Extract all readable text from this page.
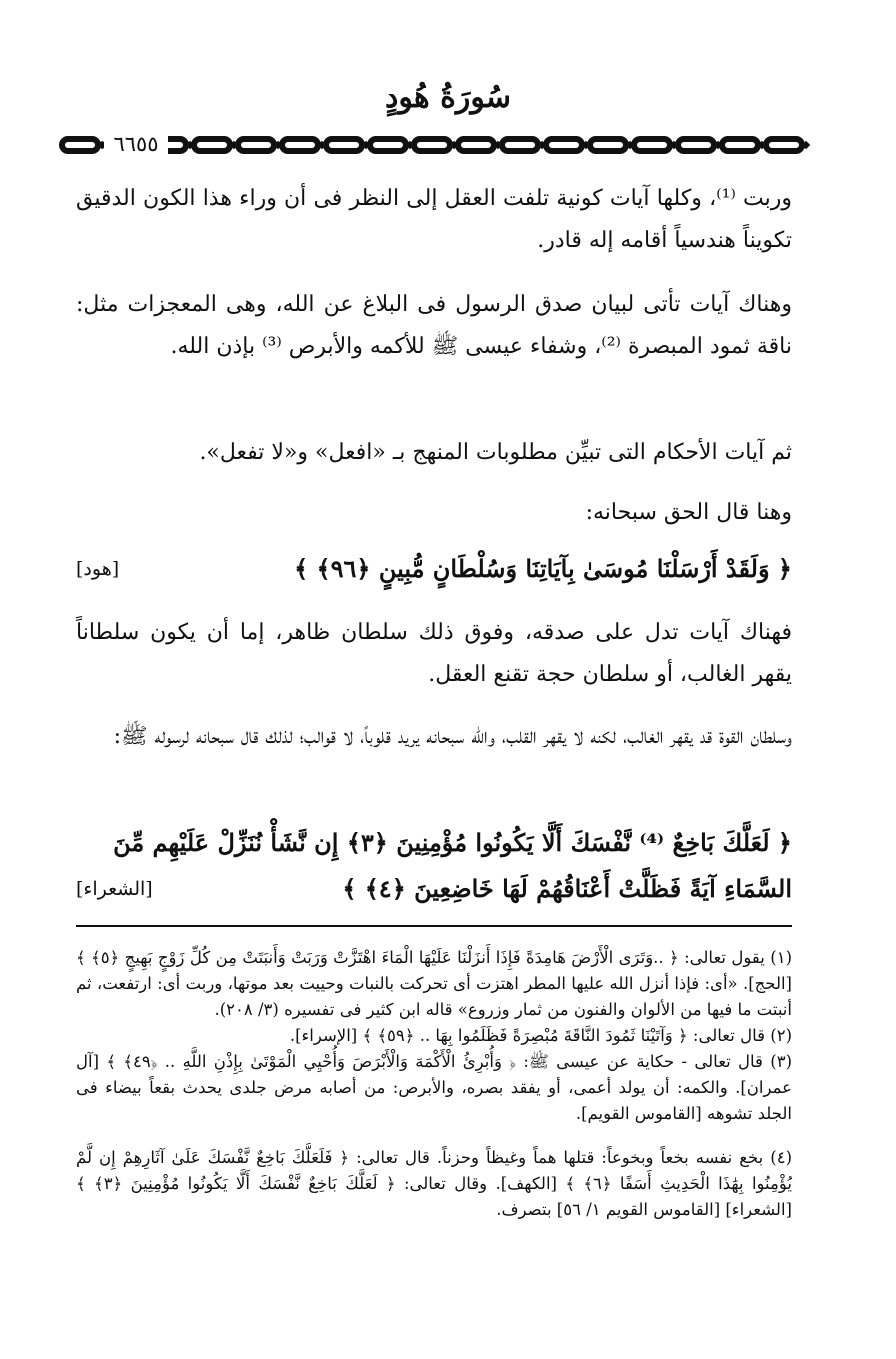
سُورَةُ هُودٍ
٦٦٥٥
وربت ⁽¹⁾، وكلها آيات كونية تلفت العقل إلى النظر فى أن وراء هذا الكون الدقيق تكويناً هندسياً أقامه إله قادر.
وهناك آيات تأتى لبيان صدق الرسول فى البلاغ عن الله، وهى المعجزات مثل: ناقة ثمود المبصرة ⁽²⁾، وشفاء عيسى ﷺ للأكمه والأبرص ⁽³⁾ بإذن الله.
ثم آيات الأحكام التى تبيِّن مطلوبات المنهج بـ «افعل» و«لا تفعل».
وهنا قال الحق سبحانه:
﴿ وَلَقَدْ أَرْسَلْنَا مُوسَىٰ بِآيَاتِنَا وَسُلْطَانٍ مُّبِينٍ ﴿٩٦﴾ ﴾
[هود]
فهناك آيات تدل على صدقه، وفوق ذلك سلطان ظاهر، إما أن يكون سلطاناً يقهر الغالب، أو سلطان حجة تقنع العقل.
وسلطان القوة قد يقهر الغالب، لكنه لا يقهر القلب، والله سبحانه يريد قلوباً، لا قوالب؛ لذلك قال سبحانه لرسوله ﷺ:
﴿ لَعَلَّكَ بَاخِعٌ ⁽⁴⁾ نَّفْسَكَ أَلَّا يَكُونُوا مُؤْمِنِينَ ﴿٣﴾ إِن نَّشَأْ نُنَزِّلْ عَلَيْهِم مِّنَ
السَّمَاءِ آيَةً فَظَلَّتْ أَعْنَاقُهُمْ لَهَا خَاضِعِينَ ﴿٤﴾ ﴾
[الشعراء]
(١) يقول تعالى: ﴿ ..وَتَرَى الْأَرْضَ هَامِدَةً فَإِذَا أَنزَلْنَا عَلَيْهَا الْمَاءَ اهْتَزَّتْ وَرَبَتْ وَأَنبَتَتْ مِن كُلِّ زَوْجٍ بَهِيجٍ ﴿٥﴾ ﴾ [الحج]. «أى: فإذا أنزل الله عليها المطر اهتزت أى تحركت بالنبات وحييت بعد موتها، وربت أى: ارتفعت، ثم أنبتت ما فيها من الألوان والفنون من ثمار وزروع» قاله ابن كثير فى تفسيره (٣/ ٢٠٨).
(٢) قال تعالى: ﴿ وَآتَيْنَا ثَمُودَ النَّاقَةَ مُبْصِرَةً فَظَلَمُوا بِهَا .. ﴿٥٩﴾ ﴾ [الإسراء].
(٣) قال تعالى - حكاية عن عيسى ﷺ: ﴿ وَأُبْرِئُ الْأَكْمَهَ وَالْأَبْرَصَ وَأُحْيِي الْمَوْتَىٰ بِإِذْنِ اللَّهِ .. ﴿٤٩﴾ ﴾ [آل عمران]. والكمه: أن يولد أعمى، أو يفقد بصره، والأبرص: من أصابه مرض جلدى يحدث بقعاً بيضاء فى الجلد تشوهه [القاموس القويم].
(٤) بخع نفسه بخعاً وبخوعاً: قتلها هماً وغيظاً وحزناً. قال تعالى: ﴿ فَلَعَلَّكَ بَاخِعٌ نَّفْسَكَ عَلَىٰ آثَارِهِمْ إِن لَّمْ يُؤْمِنُوا بِهَٰذَا الْحَدِيثِ أَسَفًا ﴿٦﴾ ﴾ [الكهف]. وقال تعالى: ﴿ لَعَلَّكَ بَاخِعٌ نَّفْسَكَ أَلَّا يَكُونُوا مُؤْمِنِينَ ﴿٣﴾ ﴾ [الشعراء] [القاموس القويم ١/ ٥٦] بتصرف.
